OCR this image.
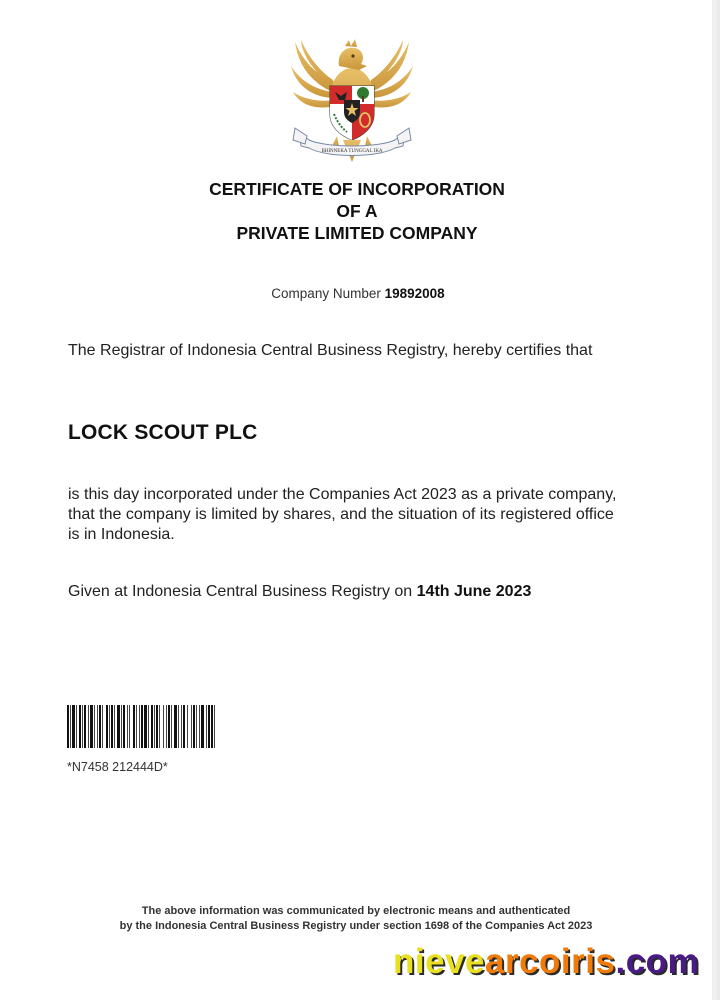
BHINNEKA TUNGGAL IKA
CERTIFICATE OF INCORPORATION
OF A
PRIVATE LIMITED COMPANY
Company Number 19892008
The Registrar of Indonesia Central Business Registry, hereby certifies that
LOCK SCOUT PLC
is this day incorporated under the Companies Act 2023 as a private company, that the company is limited by shares, and the situation of its registered office is in Indonesia.
Given at Indonesia Central Business Registry on 14th June 2023
*N7458 212444D*
The above information was communicated by electronic means and authenticated
by the Indonesia Central Business Registry under section 1698 of the Companies Act 2023
nievearcoiris.com
